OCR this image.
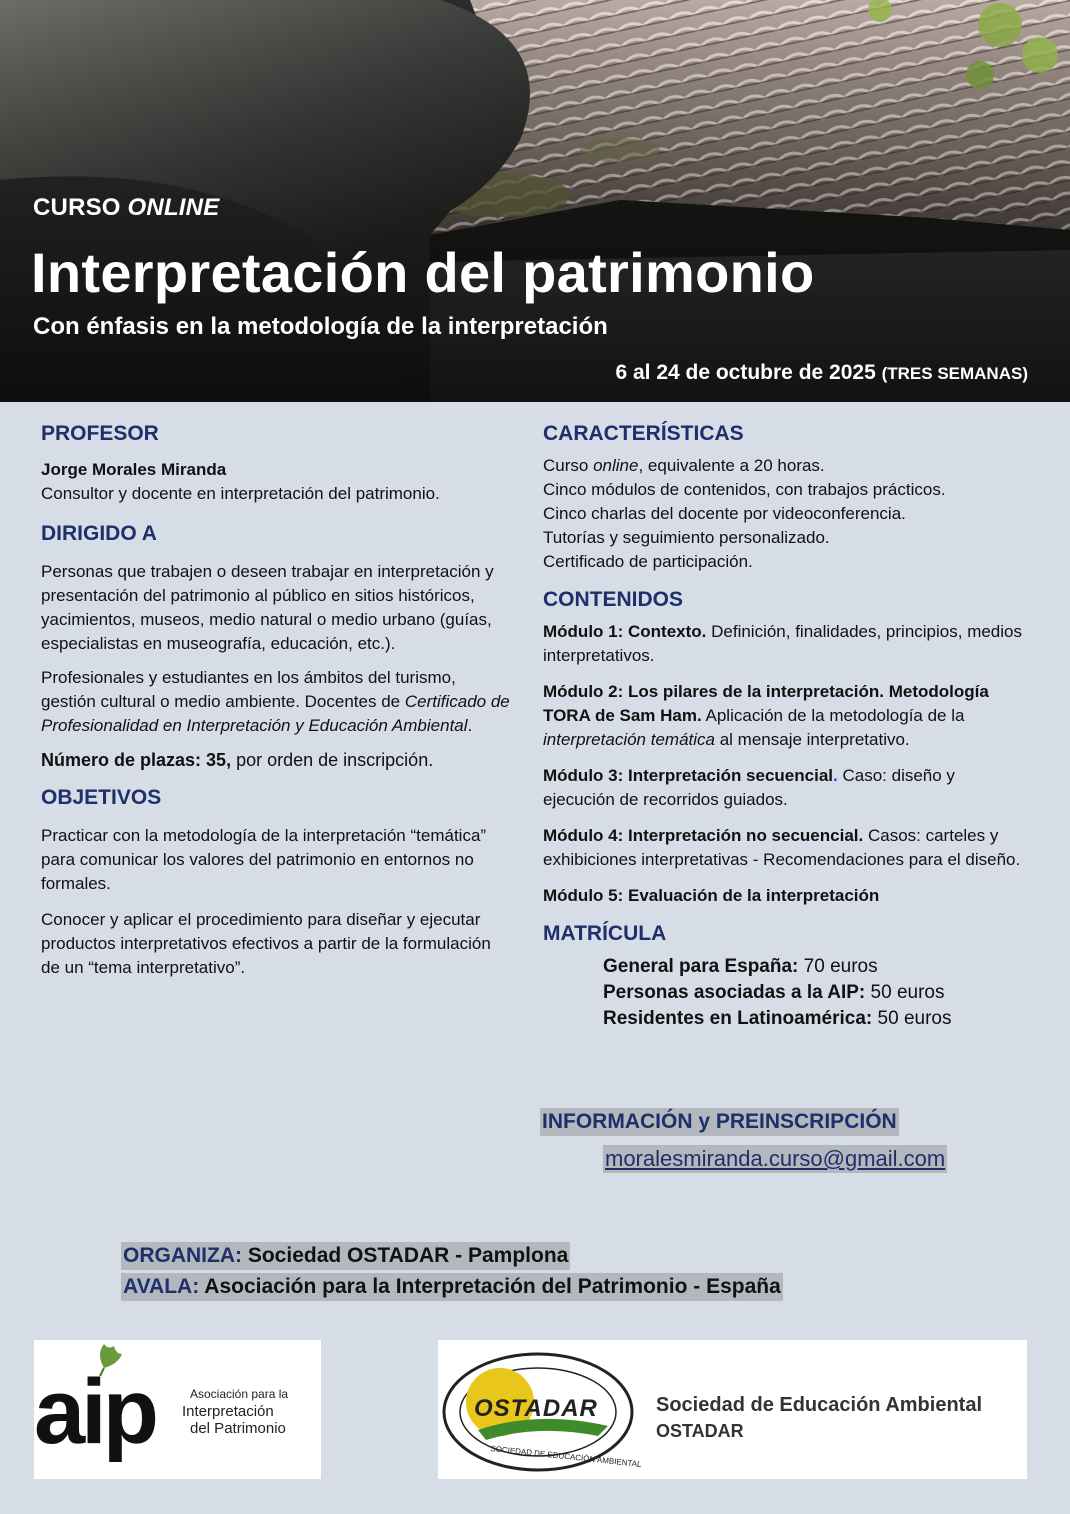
CURSO ONLINE
Interpretación del patrimonio
Con énfasis en la metodología de la interpretación
6 al 24 de octubre de 2025 (TRES SEMANAS)
PROFESOR

Jorge Morales Miranda

Consultor y docente en interpretación del patrimonio.

DIRIGIDO A

Personas que trabajen o deseen trabajar en interpretación y presentación del patrimonio al público en sitios históricos, yacimientos, museos, medio natural o medio urbano (guías, especialistas en museografía, educación, etc.).

Profesionales y estudiantes en los ámbitos del turismo, gestión cultural o medio ambiente. Docentes de Certificado de Profesionalidad en Interpretación y Educación Ambiental.

Número de plazas: 35, por orden de inscripción.

OBJETIVOS

Practicar con la metodología de la interpretación “temática” para comunicar los valores del patrimonio en entornos no formales.

Conocer y aplicar el procedimiento para diseñar y ejecutar productos interpretativos efectivos a partir de la formulación de un “tema interpretativo”.

CARACTERÍSTICAS

Curso online, equivalente a 20 horas.

Cinco módulos de contenidos, con trabajos prácticos.

Cinco charlas del docente por videoconferencia.

Tutorías y seguimiento personalizado.

Certificado de participación.

CONTENIDOS

Módulo 1: Contexto. Definición, finalidades, principios, medios interpretativos.

Módulo 2: Los pilares de la interpretación. Metodología TORA de Sam Ham. Aplicación de la metodología de la interpretación temática al mensaje interpretativo.

Módulo 3: Interpretación secuencial. Caso: diseño y ejecución de recorridos guiados.

Módulo 4: Interpretación no secuencial. Casos: carteles y exhibiciones interpretativas - Recomendaciones para el diseño.

Módulo 5: Evaluación de la interpretación

MATRÍCULA
General para España: 70 euros
Personas asociadas a la AIP: 50 euros
Residentes en Latinoamérica: 50 euros
INFORMACIÓN y PREINSCRIPCIÓN
moralesmiranda.curso@gmail.com
ORGANIZA: Sociedad OSTADAR - Pamplona
AVALA: Asociación para la Interpretación del Patrimonio - España
aip	Asociación para la
Interpretación
del Patrimonio
OSTADAR
SOCIEDAD DE EDUCACIÓN AMBIENTAL
Sociedad de Educación Ambiental
OSTADAR
